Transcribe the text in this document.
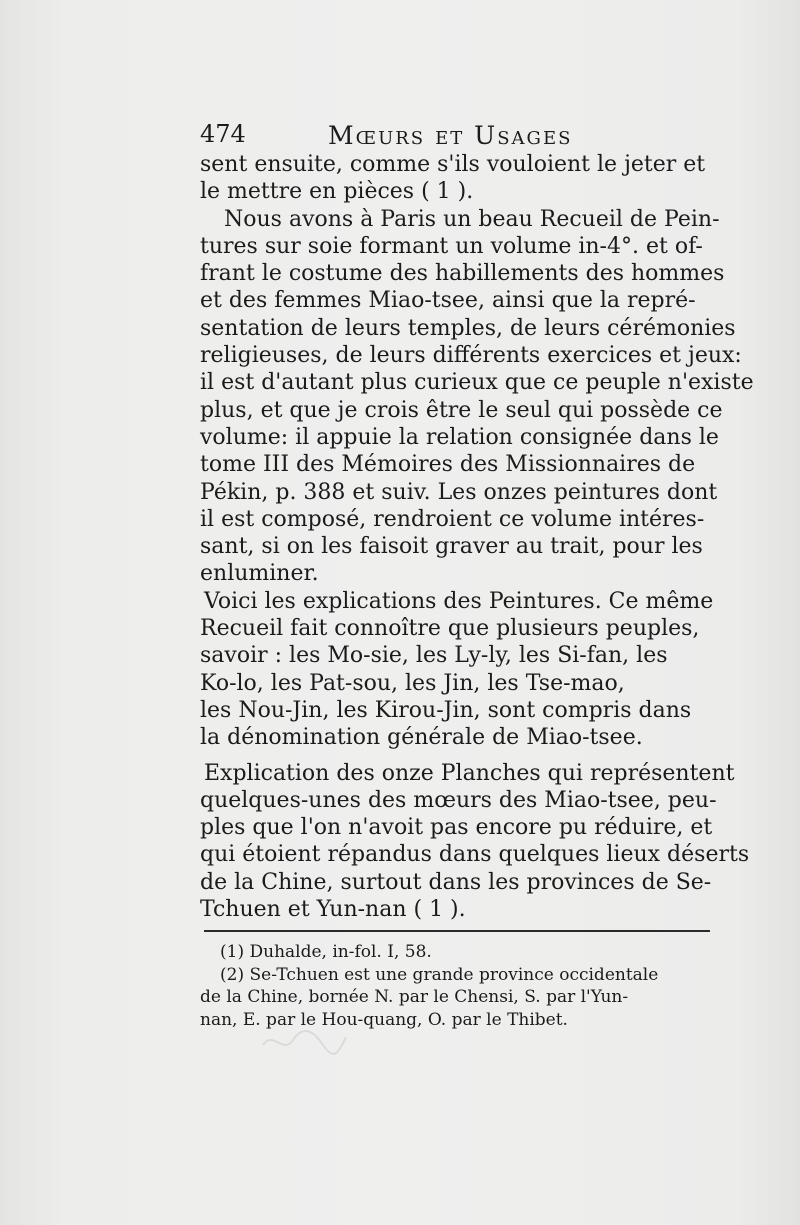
474	Mœurs et Usages
sent ensuite, comme s'ils vouloient le jeter et
le mettre en pièces ( 1 ).
Nous avons à Paris un beau Recueil de Pein-
tures sur soie formant un volume in-4°. et of-
frant le costume des habillements des hommes
et des femmes Miao-tsee, ainsi que la repré-
sentation de leurs temples, de leurs cérémonies
religieuses, de leurs différents exercices et jeux:
il est d'autant plus curieux que ce peuple n'existe
plus, et que je crois être le seul qui possède ce
volume: il appuie la relation consignée dans le
tome III des Mémoires des Missionnaires de
Pékin, p. 388 et suiv. Les onzes peintures dont
il est composé, rendroient ce volume intéres-
sant, si on les faisoit graver au trait, pour les
enluminer.
Voici les explications des Peintures. Ce même
Recueil fait connoître que plusieurs peuples,
savoir : les Mo-sie, les Ly-ly, les Si-fan, les
Ko-lo, les Pat-sou, les Jin, les Tse-mao,
les Nou-Jin, les Kirou-Jin, sont compris dans
la dénomination générale de Miao-tsee.
Explication des onze Planches qui représentent
quelques-unes des mœurs des Miao-tsee, peu-
ples que l'on n'avoit pas encore pu réduire, et
qui étoient répandus dans quelques lieux déserts
de la Chine, surtout dans les provinces de Se-
Tchuen et Yun-nan ( 1 ).
(1) Duhalde, in-fol. I, 58.
(2) Se-Tchuen est une grande province occidentale
de la Chine, bornée N. par le Chensi, S. par l'Yun-
nan, E. par le Hou-quang, O. par le Thibet.
